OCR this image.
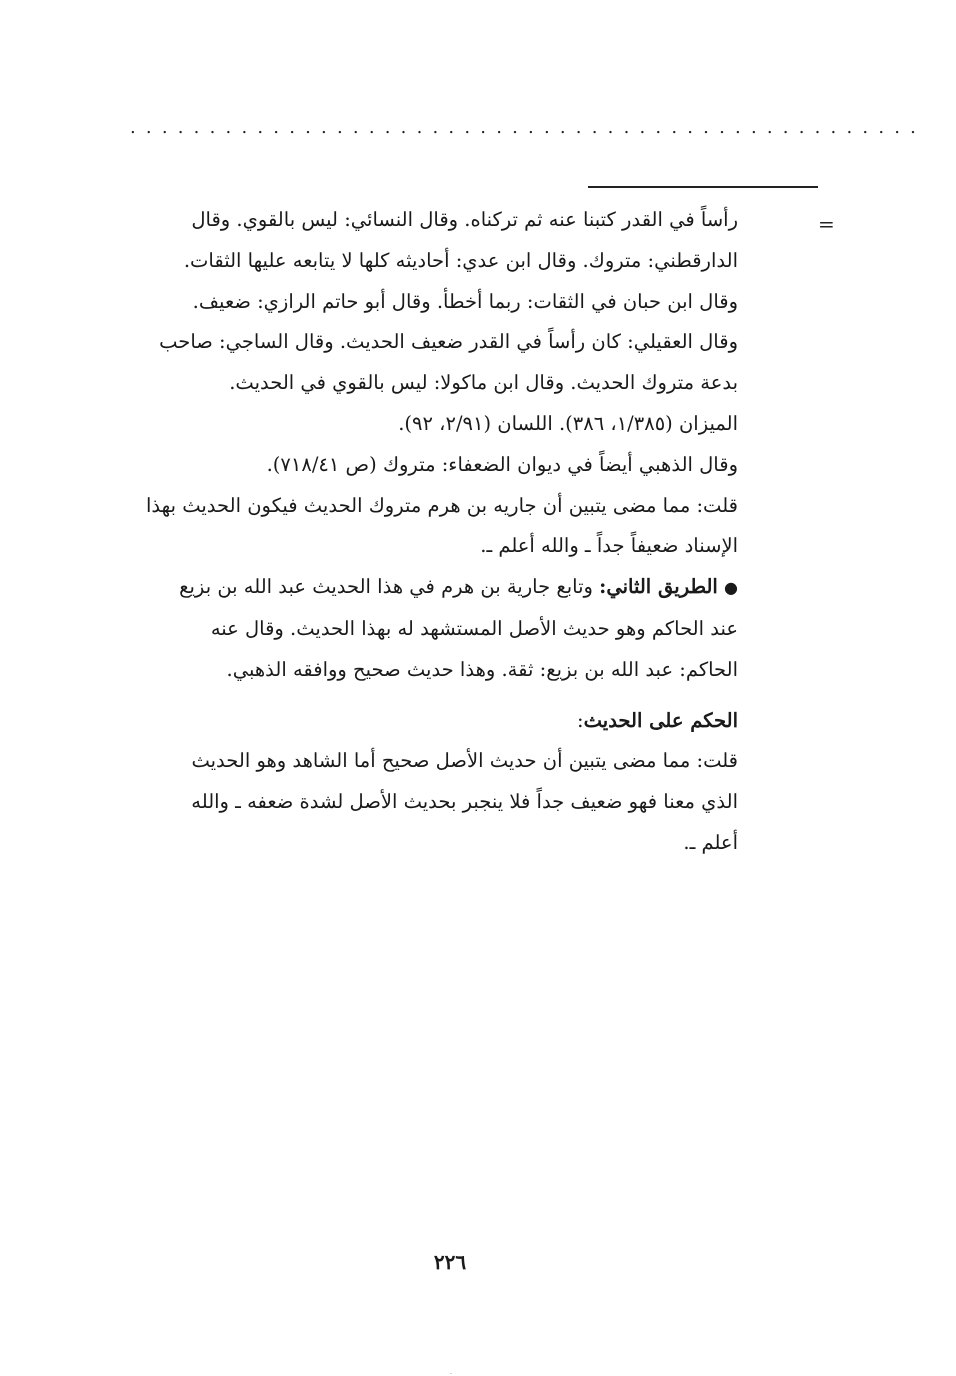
..................................................
=

رأساً في القدر كتبنا عنه ثم تركناه. وقال النسائي: ليس بالقوي. وقال

الدارقطني: متروك. وقال ابن عدي: أحاديثه كلها لا يتابعه عليها الثقات.

وقال ابن حبان في الثقات: ربما أخطأ. وقال أبو حاتم الرازي: ضعيف.

وقال العقيلي: كان رأساً في القدر ضعيف الحديث. وقال الساجي: صاحب

بدعة متروك الحديث. وقال ابن ماكولا: ليس بالقوي في الحديث.

الميزان (١/٣٨٥، ٣٨٦). اللسان (٢/٩١، ٩٢).

وقال الذهبي أيضاً في ديوان الضعفاء: متروك (ص ٧١٨/٤١).

قلت: مما مضى يتبين أن جاريه بن هرم متروك الحديث فيكون الحديث بهذا

الإسناد ضعيفاً جداً ـ والله أعلم ـ.

● الطريق الثاني: وتابع جارية بن هرم في هذا الحديث عبد الله بن بزيع

عند الحاكم وهو حديث الأصل المستشهد له بهذا الحديث. وقال عنه

الحاكم: عبد الله بن بزيع: ثقة. وهذا حديث صحيح ووافقه الذهبي.

الحكم على الحديث:

قلت: مما مضى يتبين أن حديث الأصل صحيح أما الشاهد وهو الحديث

الذي معنا فهو ضعيف جداً فلا ينجبر بحديث الأصل لشدة ضعفه ـ والله

أعلم ـ.

٢٢٦
.
